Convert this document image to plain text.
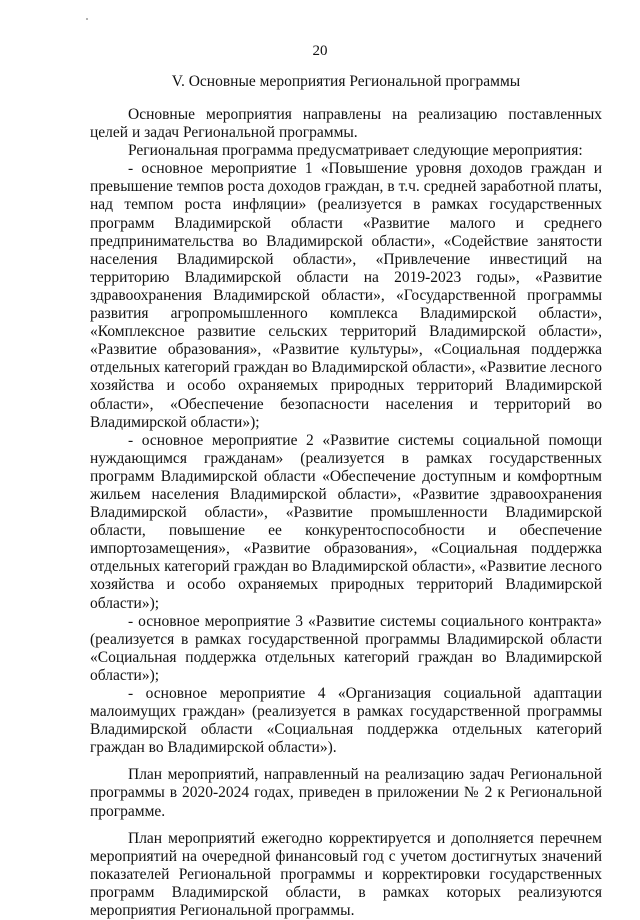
20
V. Основные мероприятия Региональной программы

Основные мероприятия направлены на реализацию поставленных целей и задач Региональной программы.

Региональная программа предусматривает следующие мероприятия:

- основное мероприятие 1 «Повышение уровня доходов граждан и превышение темпов роста доходов граждан, в т.ч. средней заработной платы, над темпом роста инфляции» (реализуется в рамках государственных программ Владимирской области «Развитие малого и среднего предпринимательства во Владимирской области», «Содействие занятости населения Владимирской области», «Привлечение инвестиций на территорию Владимирской области на 2019-2023 годы», «Развитие здравоохранения Владимирской области», «Государственной программы развития агропромышленного комплекса Владимирской области», «Комплексное развитие сельских территорий Владимирской области», «Развитие образования», «Развитие культуры», «Социальная поддержка отдельных категорий граждан во Владимирской области», «Развитие лесного хозяйства и особо охраняемых природных территорий Владимирской области», «Обеспечение безопасности населения и территорий во Владимирской области»);

- основное мероприятие 2 «Развитие системы социальной помощи нуждающимся гражданам» (реализуется в рамках государственных программ Владимирской области «Обеспечение доступным и комфортным жильем населения Владимирской области», «Развитие здравоохранения Владимирской области», «Развитие промышленности Владимирской области, повышение ее конкурентоспособности и обеспечение импортозамещения», «Развитие образования», «Социальная поддержка отдельных категорий граждан во Владимирской области», «Развитие лесного хозяйства и особо охраняемых природных территорий Владимирской области»);

- основное мероприятие 3 «Развитие системы социального контракта» (реализуется в рамках государственной программы Владимирской области «Социальная поддержка отдельных категорий граждан во Владимирской области»);

- основное мероприятие 4 «Организация социальной адаптации малоимущих граждан» (реализуется в рамках государственной программы Владимирской области «Социальная поддержка отдельных категорий граждан во Владимирской области»).

План мероприятий, направленный на реализацию задач Региональной программы в 2020-2024 годах, приведен в приложении № 2 к Региональной программе.

План мероприятий ежегодно корректируется и дополняется перечнем мероприятий на очередной финансовый год с учетом достигнутых значений показателей Региональной программы и корректировки государственных программ Владимирской области, в рамках которых реализуются мероприятия Региональной программы.
